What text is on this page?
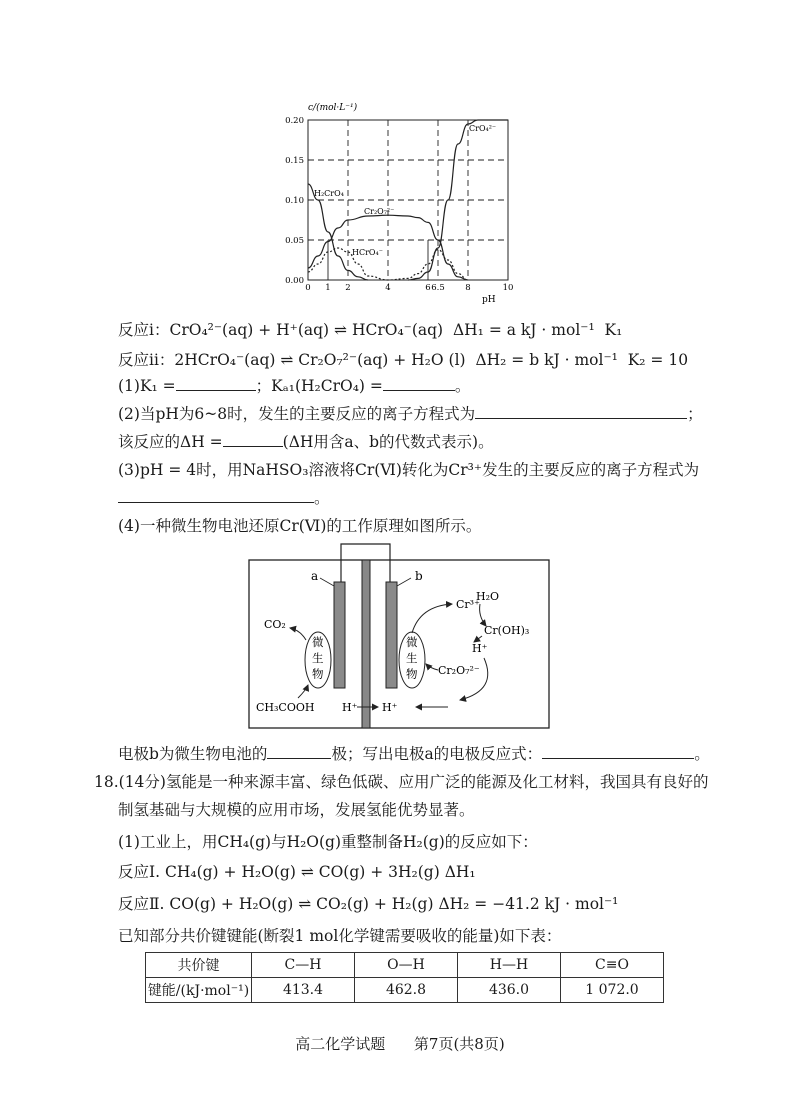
0.00
0.05
0.10
0.15
0.20
0 1 2	4	6 6.5 8	10
c/(mol·L⁻¹)
pH
CrO₄²⁻
H₂CrO₄
Cr₂O₇²⁻
HCrO₄⁻
反应ⅰ：CrO₄²⁻(aq) + H⁺(aq) ⇌ HCrO₄⁻(aq) ΔH₁ = a kJ · mol⁻¹ K₁
反应ⅱ：2HCrO₄⁻(aq) ⇌ Cr₂O₇²⁻(aq) + H₂O (l) ΔH₂ = b kJ · mol⁻¹ K₂ = 10
(1)K₁ =	；Kₐ₁(H₂CrO₄) =	。
(2)当pH为6~8时，发生的主要反应的离子方程式为	；
该反应的ΔH =	(ΔH用含a、b的代数式表示)。
(3)pH = 4时，用NaHSO₃溶液将Cr(Ⅵ)转化为Cr³⁺发生的主要反应的离子方程式为
。
(4)一种微生物电池还原Cr(Ⅵ)的工作原理如图所示。
a	b
微生物
微生物
CO₂
CH₃COOH	H⁺ H⁺
Cr³⁺
H₂O
Cr(OH)₃
H⁺
Cr₂O₇²⁻
电极b为微生物电池的	极；写出电极a的电极反应式：	。
18.(14分)氢能是一种来源丰富、绿色低碳、应用广泛的能源及化工材料，我国具有良好的
制氢基础与大规模的应用市场，发展氢能优势显著。
(1)工业上，用CH₄(g)与H₂O(g)重整制备H₂(g)的反应如下：
反应Ⅰ. CH₄(g) + H₂O(g) ⇌ CO(g) + 3H₂(g) ΔH₁
反应Ⅱ. CO(g) + H₂O(g) ⇌ CO₂(g) + H₂(g) ΔH₂ = −41.2 kJ · mol⁻¹
已知部分共价键键能(断裂1 mol化学键需要吸收的能量)如下表：
共价键	C—H	O—H	H—H	C≡O
键能/(kJ·mol⁻¹)	413.4	462.8	436.0	1 072.0
高二化学试题 第7页(共8页)
